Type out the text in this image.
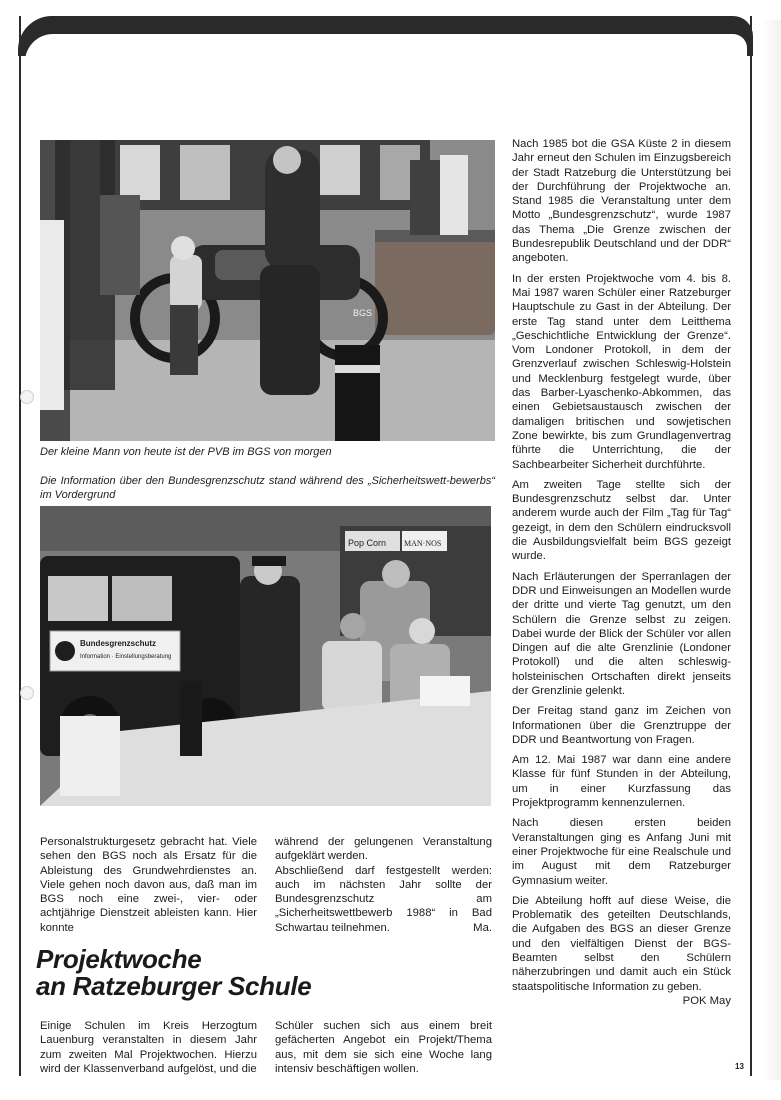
BGS

Der kleine Mann von heute ist der PVB im BGS von morgen

Die Information über den Bundesgrenzschutz stand während des „Sicherheitswett-bewerbs“ im Vordergrund

Bundesgrenzschutz
Information · Einstellungsberatung
Pop Corn MAN·NOS

Nach 1985 bot die GSA Küste 2 in diesem Jahr erneut den Schulen im Einzugsbereich der Stadt Ratzeburg die Unterstützung bei der Durchführung der Projektwoche an. Stand 1985 die Veranstaltung unter dem Motto „Bundesgrenzschutz“, wurde 1987 das Thema „Die Grenze zwischen der Bundesrepublik Deutschland und der DDR“ angeboten.

In der ersten Projektwoche vom 4. bis 8. Mai 1987 waren Schüler einer Ratzeburger Hauptschule zu Gast in der Abteilung. Der erste Tag stand unter dem Leitthema „Geschichtliche Entwicklung der Grenze“. Vom Londoner Protokoll, in dem der Grenzverlauf zwischen Schleswig-Holstein und Mecklenburg festgelegt wurde, über das Barber-Lyaschenko-Abkommen, das einen Gebietsaustausch zwischen der damaligen britischen und sowjetischen Zone bewirkte, bis zum Grundlagenvertrag führte die Unterrichtung, die der Sachbearbeiter Sicherheit durchführte.

Am zweiten Tage stellte sich der Bundesgrenzschutz selbst dar. Unter anderem wurde auch der Film „Tag für Tag“ gezeigt, in dem den Schülern eindrucksvoll die Ausbildungsvielfalt beim BGS gezeigt wurde.

Nach Erläuterungen der Sperranlagen der DDR und Einweisungen an Modellen wurde der dritte und vierte Tag genutzt, um den Schülern die Grenze selbst zu zeigen. Dabei wurde der Blick der Schüler vor allen Dingen auf die alte Grenzlinie (Londoner Protokoll) und die alten schleswig-holsteinischen Ortschaften direkt jenseits der Grenzlinie gelenkt.

Der Freitag stand ganz im Zeichen von Informationen über die Grenztruppe der DDR und Beantwortung von Fragen.

Am 12. Mai 1987 war dann eine andere Klasse für fünf Stunden in der Abteilung, um in einer Kurzfassung das Projektprogramm kennenzulernen.

Nach diesen ersten beiden Veranstaltungen ging es Anfang Juni mit einer Projektwoche für eine Realschule und im August mit dem Ratzeburger Gymnasium weiter.

Die Abteilung hofft auf diese Weise, die Problematik des geteilten Deutschlands, die Aufgaben des BGS an dieser Grenze und den vielfältigen Dienst der BGS-Beamten selbst den Schülern näherzubringen und damit auch ein Stück staatspolitische Information zu geben.
POK May

Personalstrukturgesetz gebracht hat. Viele sehen den BGS noch als Ersatz für die Ableistung des Grundwehrdienstes an. Viele gehen noch davon aus, daß man im BGS noch eine zwei-, vier- oder achtjährige Dienstzeit ableisten kann. Hier konnte

während der gelungenen Veranstaltung aufgeklärt werden.

Abschließend darf festgestellt werden: auch im nächsten Jahr sollte der Bundesgrenzschutz am „Sicherheitswettbewerb 1988“ in Bad Schwartau teilnehmen.	Ma.

Projektwoche
an Ratzeburger Schule

Einige Schulen im Kreis Herzogtum Lauenburg veranstalten in diesem Jahr zum zweiten Mal Projektwochen. Hierzu wird der Klassenverband aufgelöst, und die

Schüler suchen sich aus einem breit gefächerten Angebot ein Projekt/Thema aus, mit dem sie sich eine Woche lang intensiv beschäftigen wollen.	13
